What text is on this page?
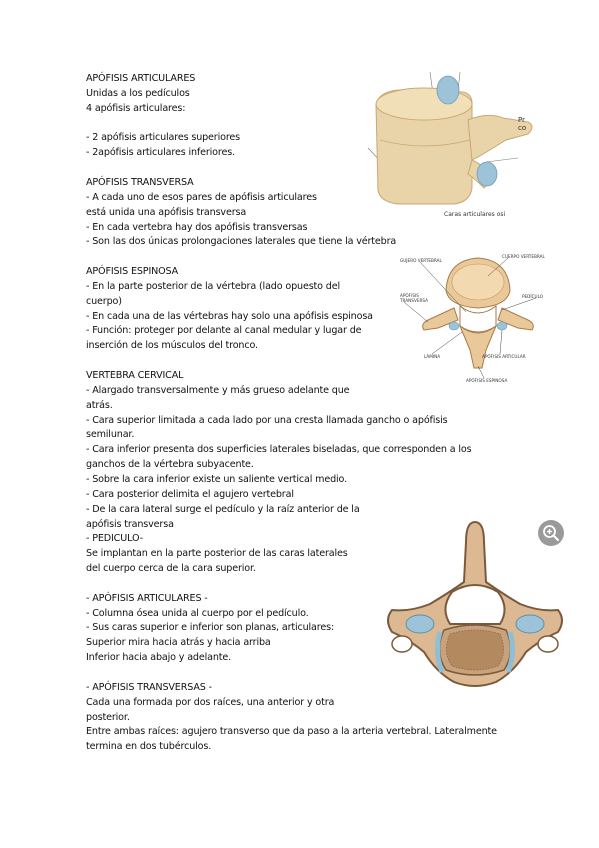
APÓFISIS ARTICULARES
Unidas a los pedículos
4 apófisis articulares:
- 2 apófisis articulares superiores
- 2apófisis articulares inferiores.
APÓFISIS TRANSVERSA
- A cada uno de esos pares de apófisis articulares
está unida una apófisis transversa
- En cada vertebra hay dos apófisis transversas
- Son las dos únicas prolongaciones laterales que tiene la vértebra
APÓFISIS ESPINOSA
- En la parte posterior de la vértebra (lado opuesto del
cuerpo)
- En cada una de las vértebras hay solo una apófisis espinosa
- Función: proteger por delante al canal medular y lugar de
inserción de los músculos del tronco.
VERTEBRA CERVICAL
- Alargado transversalmente y más grueso adelante que
atrás.
- Cara superior limitada a cada lado por una cresta llamada gancho o apófisis
semilunar.
- Cara inferior presenta dos superficies laterales biseladas, que corresponden a los
ganchos de la vértebra subyacente.
- Sobre la cara inferior existe un saliente vertical medio.
- Cara posterior delimita el agujero vertebral
- De la cara lateral surge el pedículo y la raíz anterior de la
apófisis transversa
- PEDICULO-
Se implantan en la parte posterior de las caras laterales
del cuerpo cerca de la cara superior.
- APÓFISIS ARTICULARES -
- Columna ósea unida al cuerpo por el pedículo.
- Sus caras superior e inferior son planas, articulares:
Superior mira hacia atrás y hacia arriba
Inferior hacia abajo y adelante.
- APÓFISIS TRANSVERSAS -
Cada una formada por dos raíces, una anterior y otra
posterior.
Entre ambas raíces: agujero transverso que da paso a la arteria vertebral. Lateralmente
termina en dos tubérculos.
Pr
co
Caras articulares osi
GUJERO VERTEBRAL
CUERPO VERTEBRAL
PEDÍCULO
APÓFISIS
TRANSVERSA
LÁMINA	APÓFISIS ARTICULAR
APÓFISIS ESPINOSA
